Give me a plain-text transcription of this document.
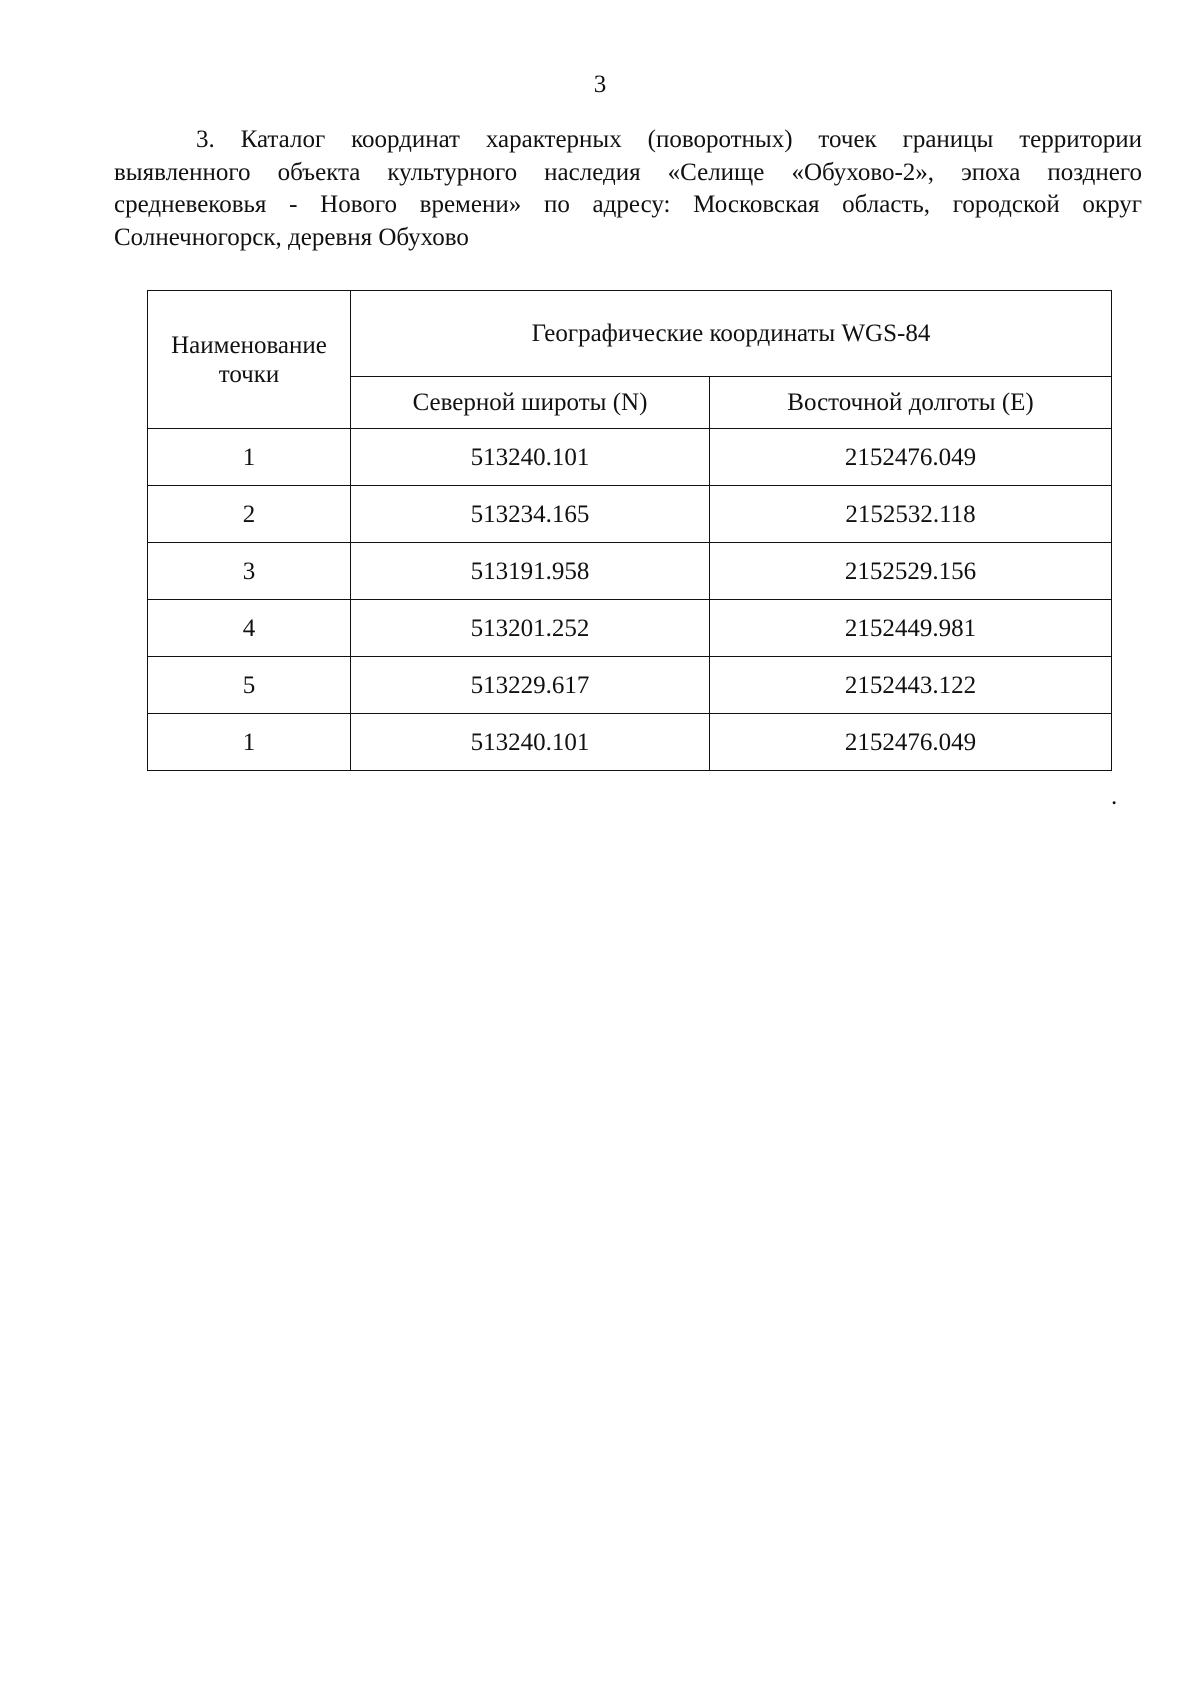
3

3. Каталог координат характерных (поворотных) точек границы территории выявленного объекта культурного наследия «Селище «Обухово-2», эпоха позднего средневековья - Нового времени» по адресу: Московская область, городской округ Солнечногорск, деревня Обухово

Наименование точки	Географические координаты WGS-84	
	Северной широты (N)	Восточной долготы (E)
1	513240.101	2152476.049
2	513234.165	2152532.118
3	513191.958	2152529.156
4	513201.252	2152449.981
5	513229.617	2152443.122
1	513240.101	2152476.049
.
